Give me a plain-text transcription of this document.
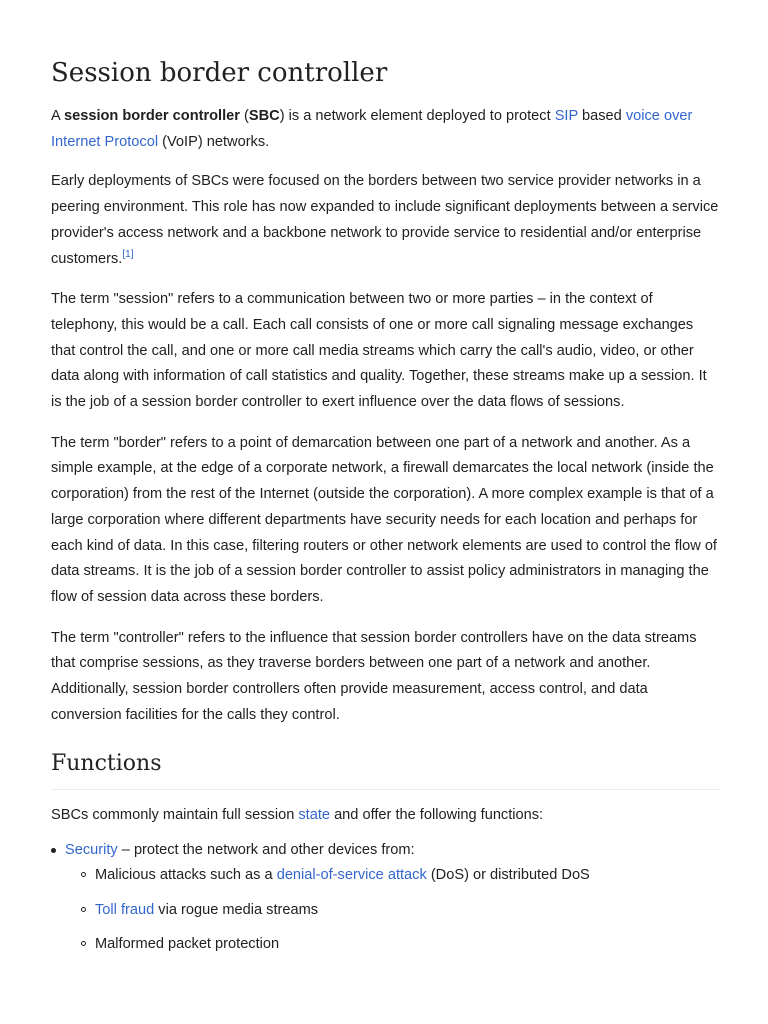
Session border controller

A session border controller (SBC) is a network element deployed to protect SIP based voice over Internet Protocol (VoIP) networks.

Early deployments of SBCs were focused on the borders between two service provider networks in a peering environment. This role has now expanded to include significant deployments between a service provider's access network and a backbone network to provide service to residential and/or enterprise customers.[1]

The term "session" refers to a communication between two or more parties – in the context of telephony, this would be a call. Each call consists of one or more call signaling message exchanges that control the call, and one or more call media streams which carry the call's audio, video, or other data along with information of call statistics and quality. Together, these streams make up a session. It is the job of a session border controller to exert influence over the data flows of sessions.

The term "border" refers to a point of demarcation between one part of a network and another. As a simple example, at the edge of a corporate network, a firewall demarcates the local network (inside the corporation) from the rest of the Internet (outside the corporation). A more complex example is that of a large corporation where different departments have security needs for each location and perhaps for each kind of data. In this case, filtering routers or other network elements are used to control the flow of data streams. It is the job of a session border controller to assist policy administrators in managing the flow of session data across these borders.

The term "controller" refers to the influence that session border controllers have on the data streams that comprise sessions, as they traverse borders between one part of a network and another. Additionally, session border controllers often provide measurement, access control, and data conversion facilities for the calls they control.

Functions

SBCs commonly maintain full session state and offer the following functions:

Security – protect the network and other devices from:
Malicious attacks such as a denial-of-service attack (DoS) or distributed DoS
Toll fraud via rogue media streams
Malformed packet protection
